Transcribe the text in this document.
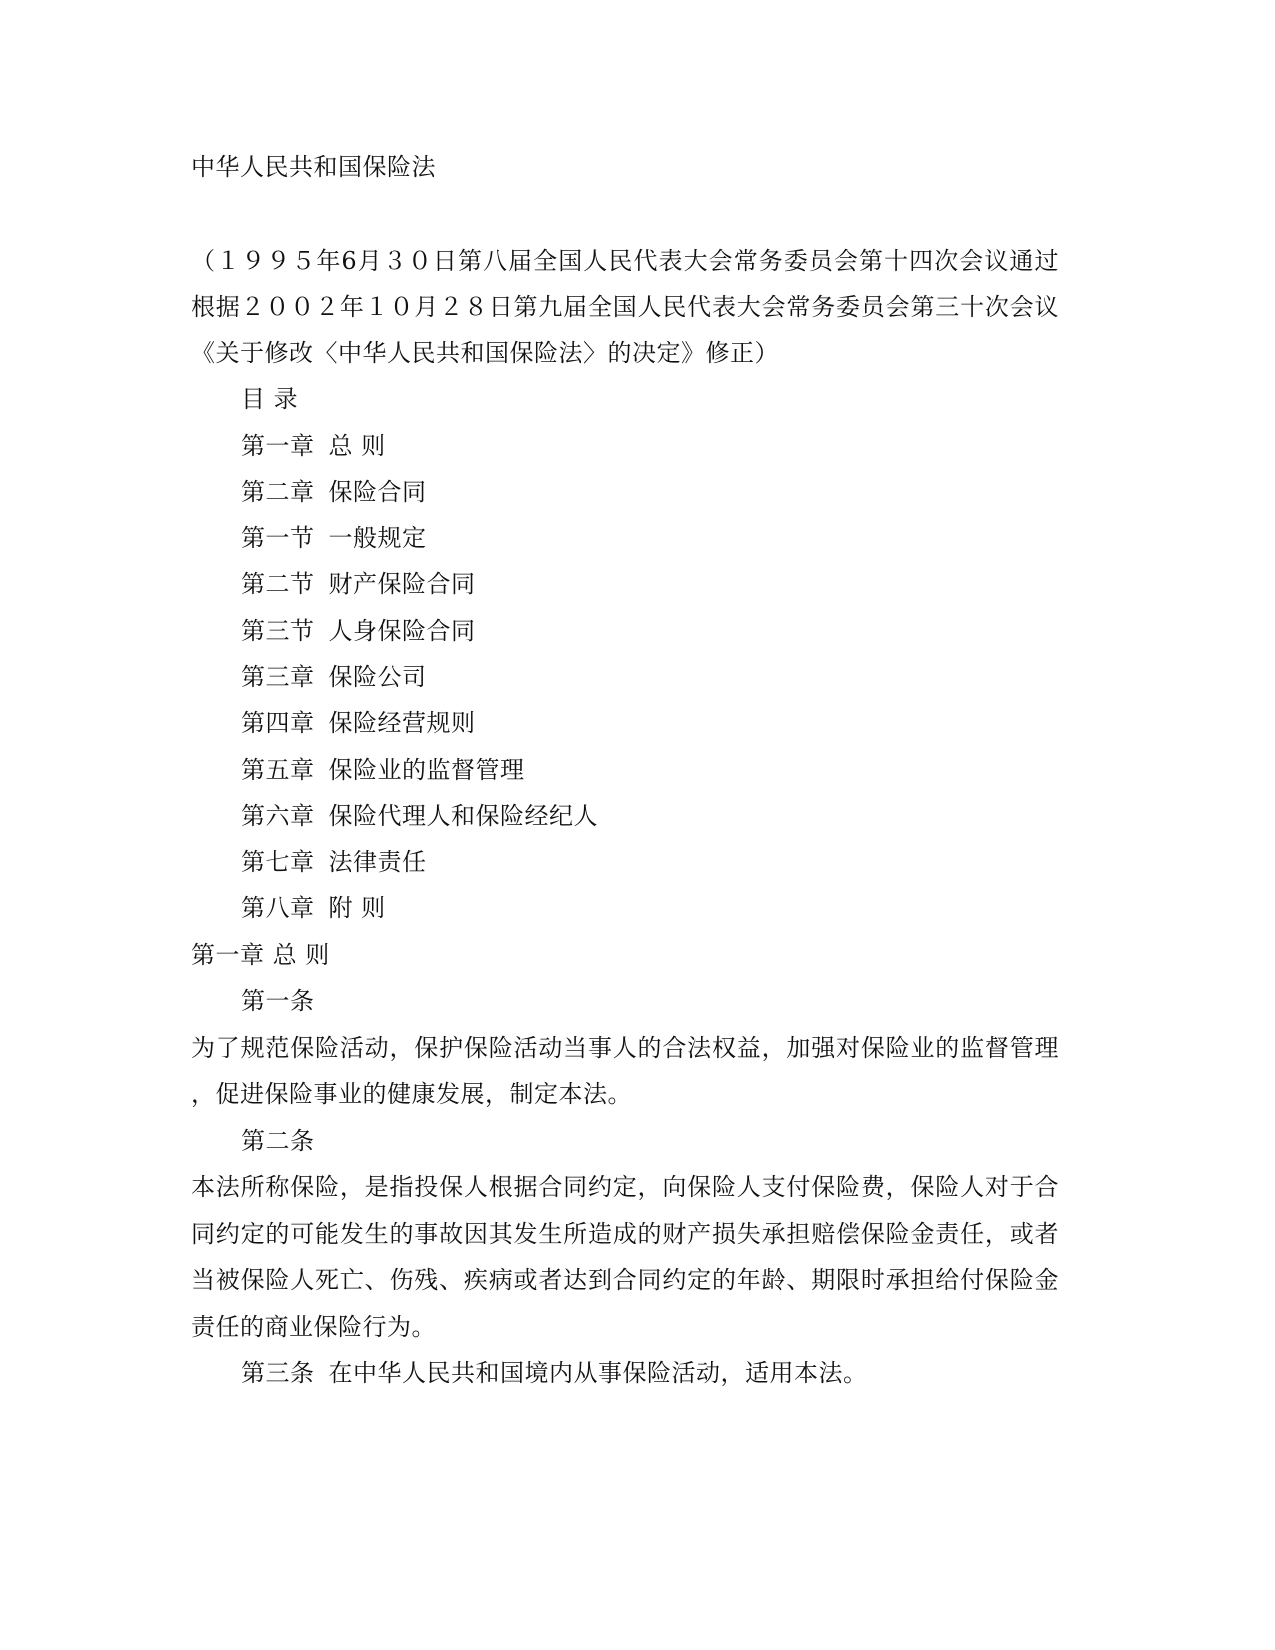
中华人民共和国保险法
（１９９５年6月３０日第八届全国人民代表大会常务委员会第十四次会议通过
根据２００２年１０月２８日第九届全国人民代表大会常务委员会第三十次会议
《关于修改〈中华人民共和国保险法〉的决定》修正）
目 录
第一章 总 则
第二章 保险合同
第一节 一般规定
第二节 财产保险合同
第三节 人身保险合同
第三章 保险公司
第四章 保险经营规则
第五章 保险业的监督管理
第六章 保险代理人和保险经纪人
第七章 法律责任
第八章 附 则
第一章 总 则
第一条
为了规范保险活动，保护保险活动当事人的合法权益，加强对保险业的监督管理
，促进保险事业的健康发展，制定本法。
第二条
本法所称保险，是指投保人根据合同约定，向保险人支付保险费，保险人对于合
同约定的可能发生的事故因其发生所造成的财产损失承担赔偿保险金责任，或者
当被保险人死亡、伤残、疾病或者达到合同约定的年龄、期限时承担给付保险金
责任的商业保险行为。
第三条 在中华人民共和国境内从事保险活动，适用本法。
